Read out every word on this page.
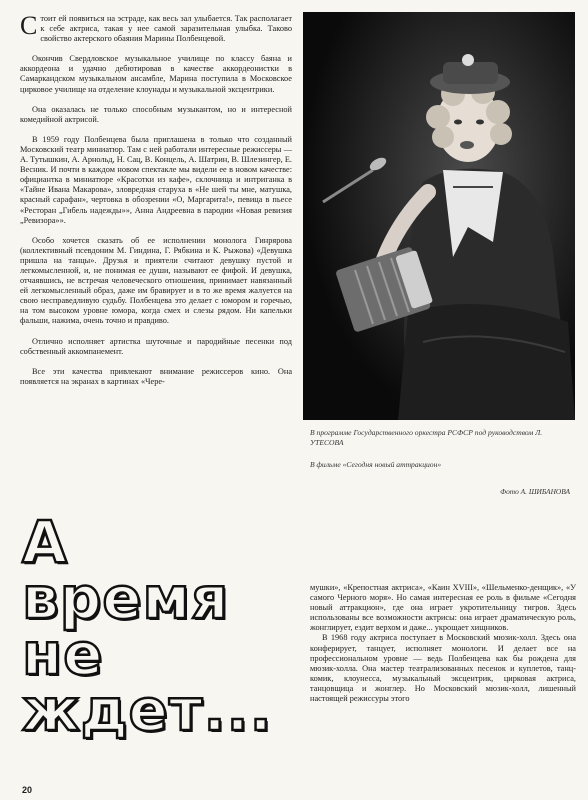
Стоит ей появиться на эстраде, как весь зал улыбается. Так располагает к себе актриса, такая у нее самой заразительная улыбка. Таково свойство актерского обаяния Марины Полбенцевой.

Окончив Свердловское музыкальное училище по классу баяна и аккордеона и удачно дебютировав в качестве аккордеонистки в Самаркандском музыкальном ансамбле, Марина поступила в Московское цирковое училище на отделение клоунады и музыкальной эксцентрики.

Она оказалась не только способным музыкантом, но и интересной комедийной актрисой.

В 1959 году Полбенцева была приглашена в только что созданный Московский театр миниатюр. Там с ней работали интересные режиссеры — А. Тутышкин, А. Арнольд, Н. Сац, В. Концель, А. Шатрин, В. Шлезингер, Е. Весник. И почти в каждом новом спектакле мы видели ее в новом качестве: официантка в миниатюре «Красотки из кафе», склочница и интриганка в «Тайне Ивана Макарова», зловредная старуха в «Не шей ты мне, матушка, красный сарафан», чертовка в обозрении «О, Маргарита!», певица в пьесе «Ресторан „Гибель надежды»», Анна Андреевна в пародии «Новая ревизия „Ревизора»».

Особо хочется сказать об ее исполнении монолога Гинрярова (коллективный псевдоним М. Гиндина, Г. Рябкина и К. Рыжова) «Девушка пришла на танцы». Друзья и приятели считают девушку пустой и легкомысленной, и, не понимая ее души, называют ее фифой. И девушка, отчаявшись, не встречая человеческого отношения, принимает навязанный ей легкомысленный образ, даже им бравирует и в то же время жалуется на свою несправедливую судьбу. Полбенцева это делает с юмором и горечью, на том высоком уровне юмора, когда смех и слезы рядом. Ни капельки фальши, нажима, очень точно и правдиво.

Отлично исполняет артистка шуточные и пародийные песенки под собственный аккомпанемент.

Все эти качества привлекают внимание режиссеров кино. Она появляется на экранах в картинах «Чере-

В программе Государственного оркестра РСФСР под руководством Л. УТЕСОВА
В фильме «Сегодня новый аттракцион»
Фото А. ШИБАНОВА
А
время
не
ждет...

мушки», «Крепостная актриса», «Каин XVIII», «Шельменко-денщик», «У самого Черного моря». Но самая интересная ее роль в фильме «Сегодня новый аттракцион», где она играет укротительницу тигров. Здесь использованы все возможности актрисы: она играет драматическую роль, жонглирует, ездит верхом и даже... укрощает хищников.

В 1968 году актриса поступает в Московский мюзик-холл. Здесь она конферирует, танцует, исполняет монологи. И делает все на профессиональном уровне — ведь Полбенцева как бы рождена для мюзик-холла. Она мастер театрализованных песенок и куплетов, танц-комик, клоунесса, музыкальный эксцентрик, цирковая актриса, танцовщица и жонглер. Но Московский мюзик-холл, лишенный настоящей режиссуры этого

20
